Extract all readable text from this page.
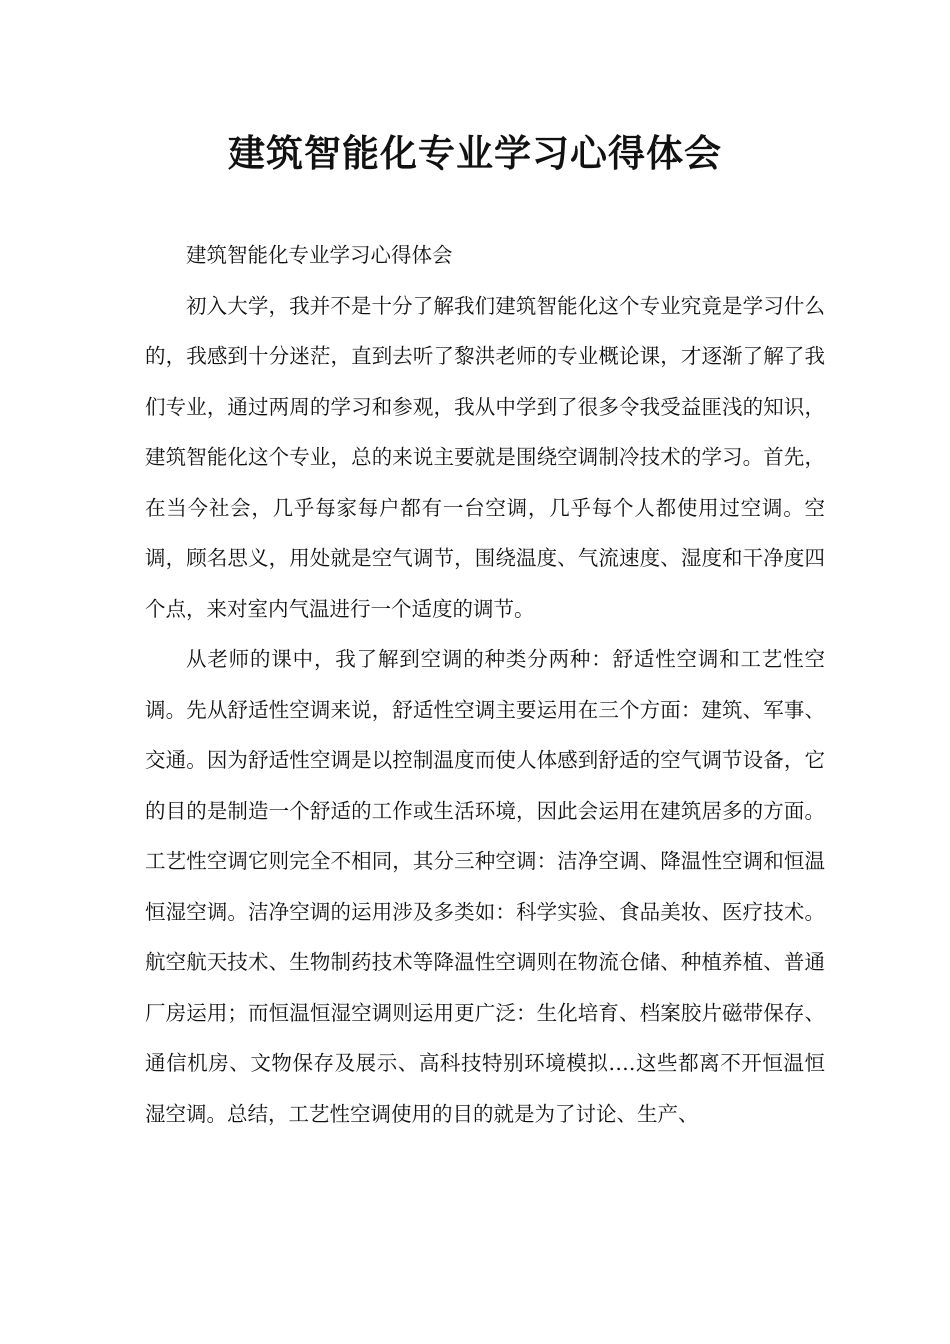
建筑智能化专业学习心得体会

建筑智能化专业学习心得体会

初入大学，我并不是十分了解我们建筑智能化这个专业究竟是学习什么的，我感到十分迷茫，直到去听了黎洪老师的专业概论课，才逐渐了解了我们专业，通过两周的学习和参观，我从中学到了很多令我受益匪浅的知识，建筑智能化这个专业，总的来说主要就是围绕空调制冷技术的学习。首先，在当今社会，几乎每家每户都有一台空调，几乎每个人都使用过空调。空调，顾名思义，用处就是空气调节，围绕温度、气流速度、湿度和干净度四个点，来对室内气温进行一个适度的调节。

从老师的课中，我了解到空调的种类分两种：舒适性空调和工艺性空调。先从舒适性空调来说，舒适性空调主要运用在三个方面：建筑、军事、交通。因为舒适性空调是以控制温度而使人体感到舒适的空气调节设备，它的目的是制造一个舒适的工作或生活环境，因此会运用在建筑居多的方面。工艺性空调它则完全不相同，其分三种空调：洁净空调、降温性空调和恒温恒湿空调。洁净空调的运用涉及多类如：科学实验、食品美妆、医疗技术。航空航天技术、生物制药技术等降温性空调则在物流仓储、种植养植、普通厂房运用；而恒温恒湿空调则运用更广泛：生化培育、档案胶片磁带保存、通信机房、文物保存及展示、高科技特别环境模拟….这些都离不开恒温恒湿空调。总结，工艺性空调使用的目的就是为了讨论、生产、
